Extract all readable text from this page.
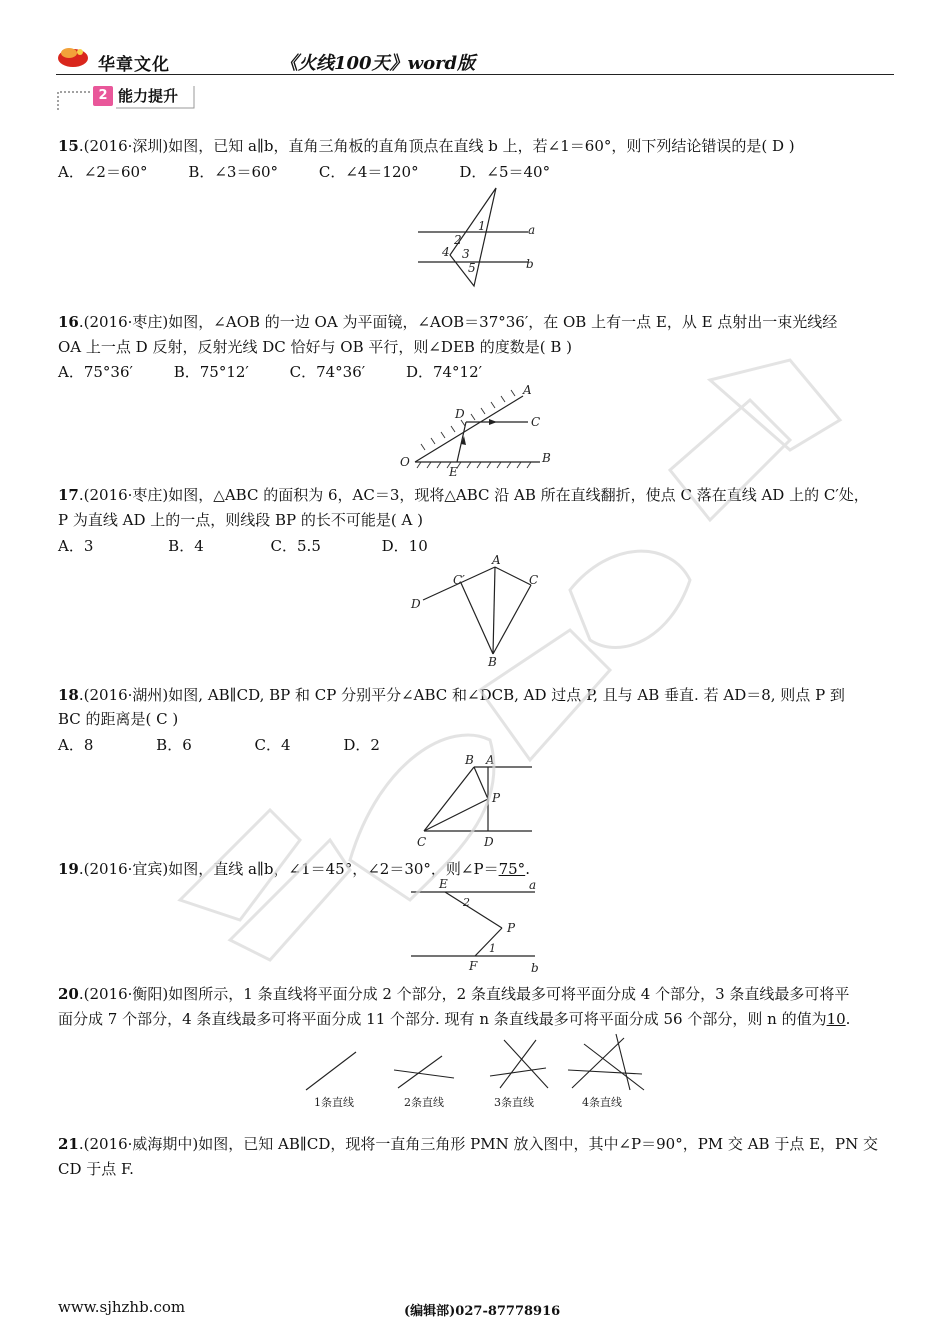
华章文化	《火线100天》word版
2 能力提升
15.(2016·深圳)如图，已知 a∥b，直角三角板的直角顶点在直线 b 上，若∠1＝60°，则下列结论错误的是( D )
A．∠2＝60°	B．∠3＝60°	C．∠4＝120°	D．∠5＝40°
1
2
3
4
5
a
b
16.(2016·枣庄)如图，∠AOB 的一边 OA 为平面镜，∠AOB＝37°36′，在 OB 上有一点 E，从 E 点射出一束光线经
OA 上一点 D 反射，反射光线 DC 恰好与 OB 平行，则∠DEB 的度数是( B )
A．75°36′	B．75°12′	C．74°36′	D．74°12′
A
B
C
D
E
O
17.(2016·枣庄)如图，△ABC 的面积为 6，AC＝3，现将△ABC 沿 AB 所在直线翻折，使点 C 落在直线 AD 上的 C′处，
P 为直线 AD 上的一点，则线段 BP 的长不可能是( A )
A．3	B．4	C．5.5	D．10
A
B
C
C′
D
18.(2016·湖州)如图, AB∥CD, BP 和 CP 分别平分∠ABC 和∠DCB, AD 过点 P, 且与 AB 垂直. 若 AD＝8, 则点 P 到
BC 的距离是( C )
A．8	B．6	C．4	D．2
A
B
C	D
P
19.(2016·宜宾)如图，直线 a∥b，∠1＝45°，∠2＝30°，则∠P＝75°.
E
F
P
a
b
1
2
20.(2016·衡阳)如图所示，1 条直线将平面分成 2 个部分，2 条直线最多可将平面分成 4 个部分，3 条直线最多可将平
面分成 7 个部分，4 条直线最多可将平面分成 11 个部分. 现有 n 条直线最多可将平面分成 56 个部分，则 n 的值为10.
1条直线	2条直线	3条直线	4条直线
21.(2016·威海期中)如图，已知 AB∥CD，现将一直角三角形 PMN 放入图中，其中∠P＝90°，PM 交 AB 于点 E，PN 交
CD 于点 F.
www.sjhzhb.com	(编辑部)027-87778916
